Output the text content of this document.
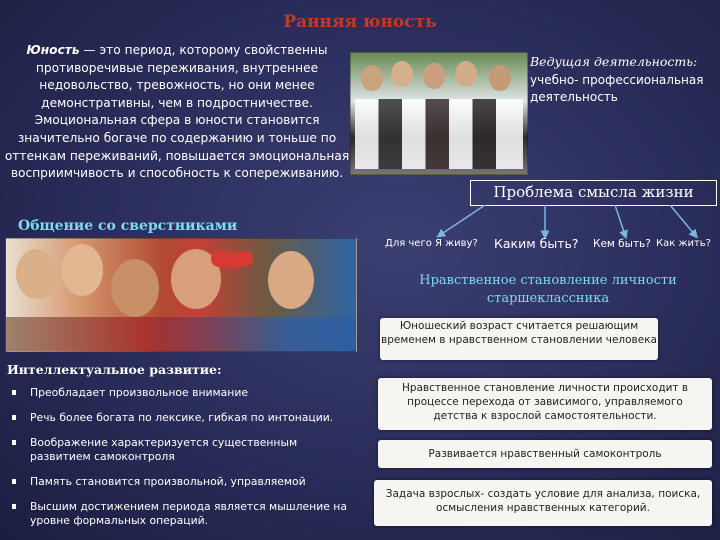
Ранняя юность
Юность — это период, которому свойственны противоречивые переживания, внутреннее недовольство, тревожность, но они менее демонстративны, чем в подростничестве. Эмоциональная сфера в юности становится значительно богаче по содержанию и тоньше по оттенкам переживаний, повышается эмоциональная восприимчивость и способность к сопереживанию.
Ведущая деятельность:
учебно- профессиональная деятельность
Проблема смысла жизни
Для чего Я живу? Каким быть? Кем быть? Как жить?
Общение со сверстниками
Нравственное становление личности старшеклассника
Юношеский возраст считается решающим временем в нравственном становлении человека
Нравственное становление личности происходит в процессе перехода от зависимого, управляемого детства к взрослой самостоятельности.
Развивается нравственный самоконтроль
Задача взрослых- создать условие для анализа, поиска, осмысления нравственных категорий.
Интеллектуальное развитие:
Преобладает произвольное внимание
Речь более богата по лексике, гибкая по интонации.
Воображение характеризуется существенным развитием самоконтроля
Память становится произвольной, управляемой
Высшим достижением периода является мышление на уровне формальных операций.
